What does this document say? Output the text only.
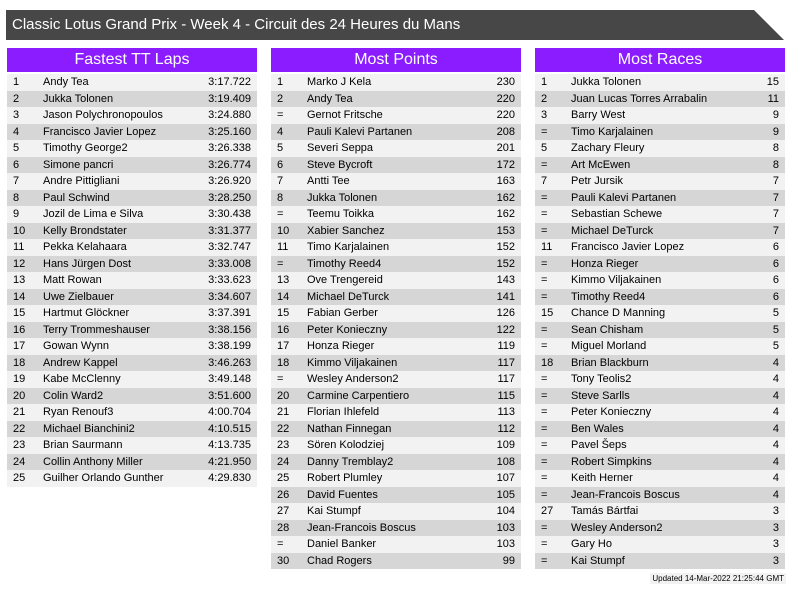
Classic Lotus Grand Prix - Week 4 - Circuit des 24 Heures du Mans
Fastest TT Laps
1	Andy Tea	3:17.722
2	Jukka Tolonen	3:19.409
3	Jason Polychronopoulos	3:24.880
4	Francisco Javier Lopez	3:25.160
5	Timothy George2	3:26.338
6	Simone pancri	3:26.774
7	Andre Pittigliani	3:26.920
8	Paul Schwind	3:28.250
9	Jozil de Lima e Silva	3:30.438
10	Kelly Brondstater	3:31.377
11	Pekka Kelahaara	3:32.747
12	Hans Jürgen Dost	3:33.008
13	Matt Rowan	3:33.623
14	Uwe Zielbauer	3:34.607
15	Hartmut Glöckner	3:37.391
16	Terry Trommeshauser	3:38.156
17	Gowan Wynn	3:38.199
18	Andrew Kappel	3:46.263
19	Kabe McClenny	3:49.148
20	Colin Ward2	3:51.600
21	Ryan Renouf3	4:00.704
22	Michael Bianchini2	4:10.515
23	Brian Saurmann	4:13.735
24	Collin Anthony Miller	4:21.950
25	Guilher Orlando Gunther	4:29.830
Most Points
1	Marko J Kela	230
2	Andy Tea	220
=	Gernot Fritsche	220
4	Pauli Kalevi Partanen	208
5	Severi Seppa	201
6	Steve Bycroft	172
7	Antti Tee	163
8	Jukka Tolonen	162
=	Teemu Toikka	162
10	Xabier Sanchez	153
11	Timo Karjalainen	152
=	Timothy Reed4	152
13	Ove Trengereid	143
14	Michael DeTurck	141
15	Fabian Gerber	126
16	Peter Konieczny	122
17	Honza Rieger	119
18	Kimmo Viljakainen	117
=	Wesley Anderson2	117
20	Carmine Carpentiero	115
21	Florian Ihlefeld	113
22	Nathan Finnegan	112
23	Sören Kolodziej	109
24	Danny Tremblay2	108
25	Robert Plumley	107
26	David Fuentes	105
27	Kai Stumpf	104
28	Jean-Francois Boscus	103
=	Daniel Banker	103
30	Chad Rogers	99
Most Races
1	Jukka Tolonen	15
2	Juan Lucas Torres Arrabalin	11
3	Barry West	9
=	Timo Karjalainen	9
5	Zachary Fleury	8
=	Art McEwen	8
7	Petr Jursik	7
=	Pauli Kalevi Partanen	7
=	Sebastian Schewe	7
=	Michael DeTurck	7
11	Francisco Javier Lopez	6
=	Honza Rieger	6
=	Kimmo Viljakainen	6
=	Timothy Reed4	6
15	Chance D Manning	5
=	Sean Chisham	5
=	Miguel Morland	5
18	Brian Blackburn	4
=	Tony Teolis2	4
=	Steve Sarlls	4
=	Peter Konieczny	4
=	Ben Wales	4
=	Pavel Šeps	4
=	Robert Simpkins	4
=	Keith Herner	4
=	Jean-Francois Boscus	4
27	Tamás Bártfai	3
=	Wesley Anderson2	3
=	Gary Ho	3
=	Kai Stumpf	3
Updated 14-Mar-2022 21:25:44 GMT
